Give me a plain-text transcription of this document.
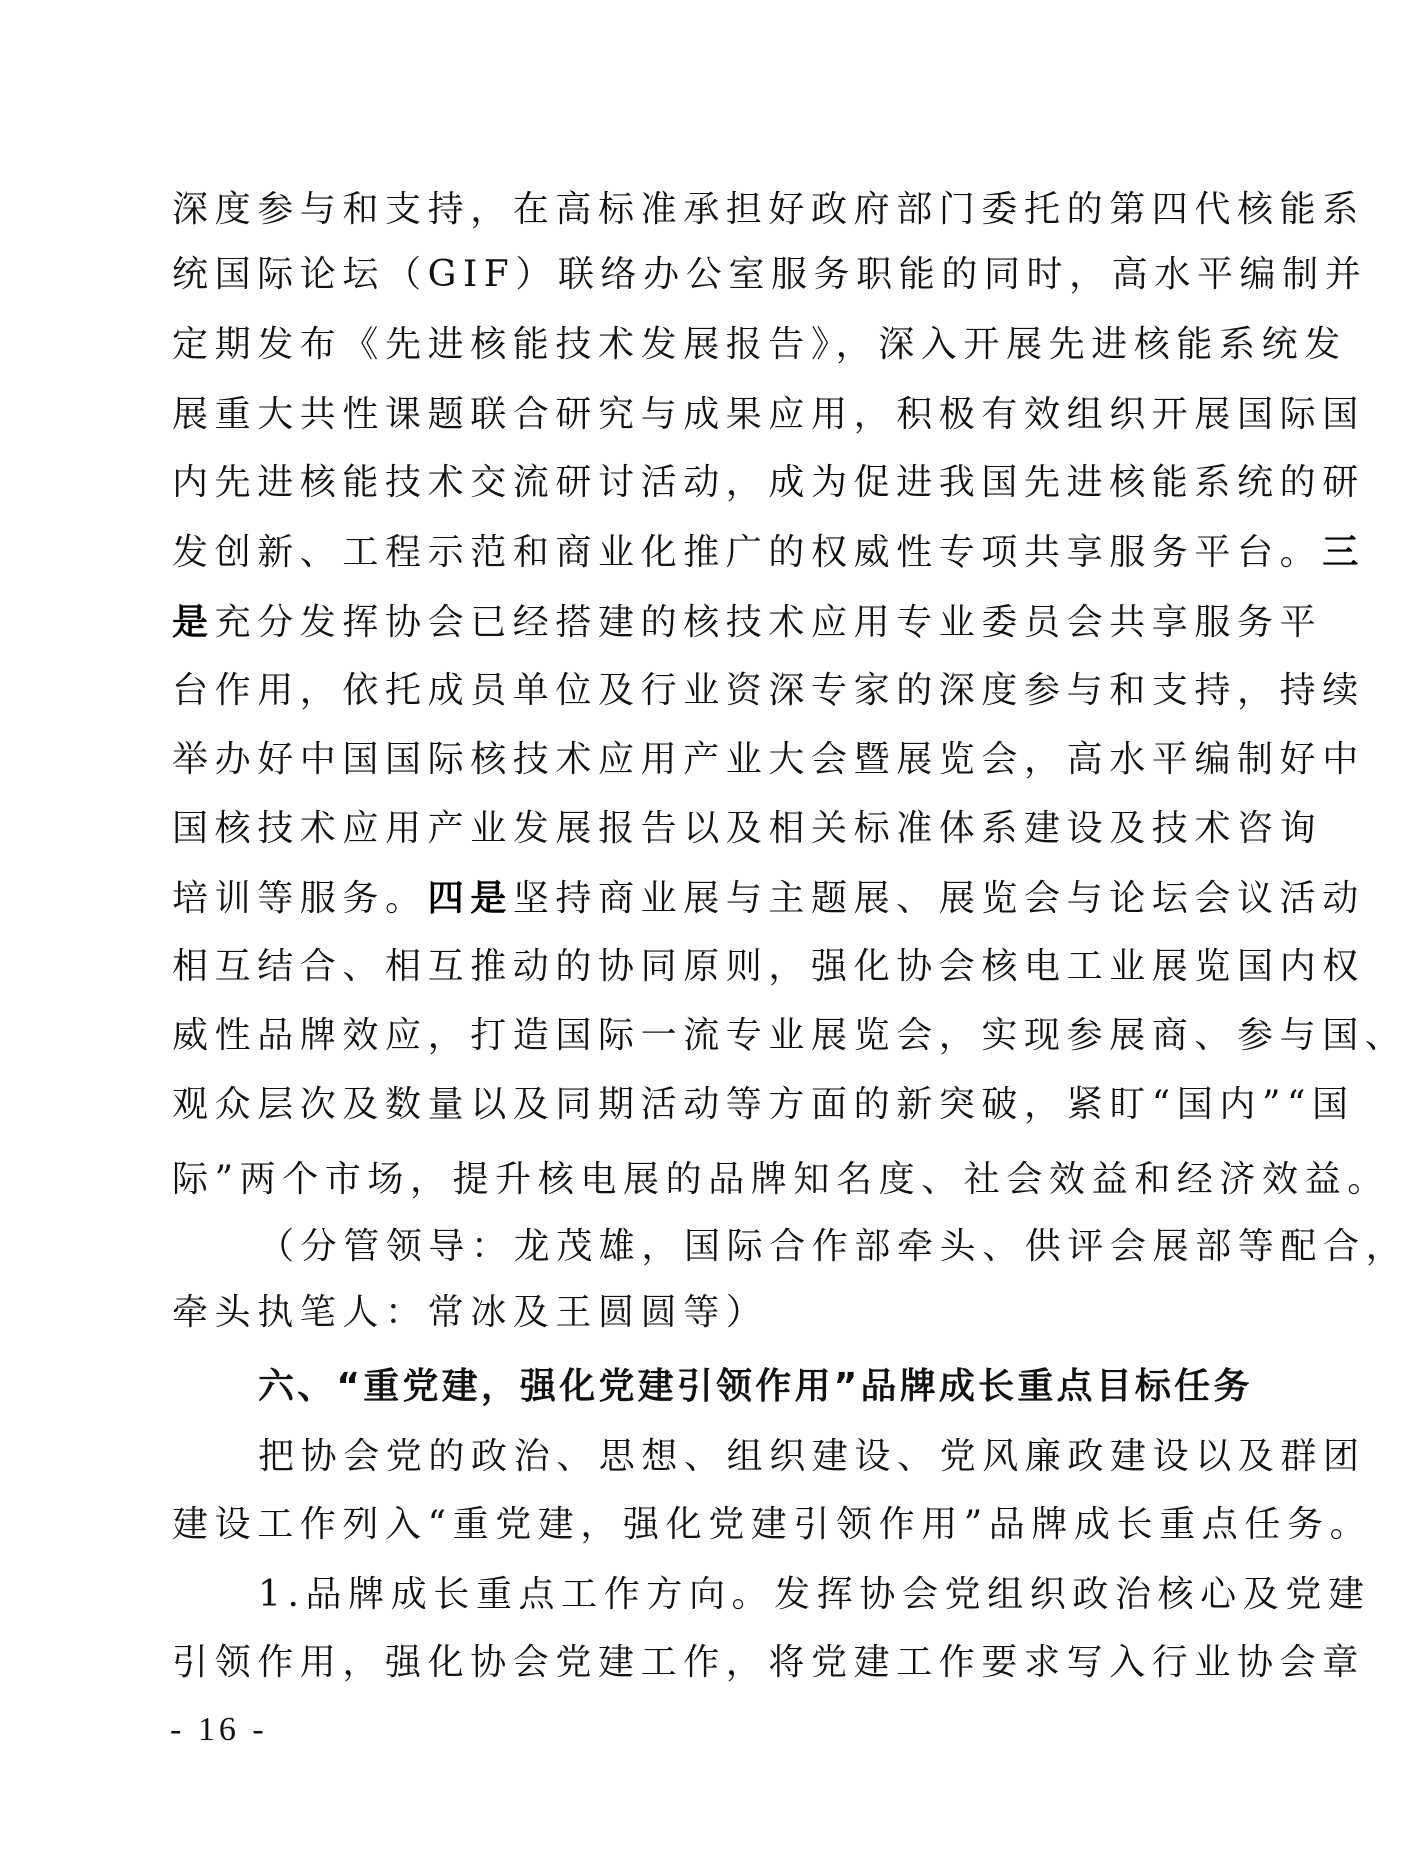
深度参与和支持，在高标准承担好政府部门委托的第四代核能系
统国际论坛（GIF）联络办公室服务职能的同时，高水平编制并
定期发布《先进核能技术发展报告》，深入开展先进核能系统发
展重大共性课题联合研究与成果应用，积极有效组织开展国际国
内先进核能技术交流研讨活动，成为促进我国先进核能系统的研
发创新、工程示范和商业化推广的权威性专项共享服务平台。三
是充分发挥协会已经搭建的核技术应用专业委员会共享服务平
台作用，依托成员单位及行业资深专家的深度参与和支持，持续
举办好中国国际核技术应用产业大会暨展览会，高水平编制好中
国核技术应用产业发展报告以及相关标准体系建设及技术咨询
培训等服务。四是坚持商业展与主题展、展览会与论坛会议活动
相互结合、相互推动的协同原则，强化协会核电工业展览国内权
威性品牌效应，打造国际一流专业展览会，实现参展商、参与国、
观众层次及数量以及同期活动等方面的新突破，紧盯“国内”“国
际”两个市场，提升核电展的品牌知名度、社会效益和经济效益。
（分管领导：龙茂雄，国际合作部牵头、供评会展部等配合，
牵头执笔人：常冰及王圆圆等）
六、“重党建，强化党建引领作用”品牌成长重点目标任务
把协会党的政治、思想、组织建设、党风廉政建设以及群团
建设工作列入“重党建，强化党建引领作用”品牌成长重点任务。
1.品牌成长重点工作方向。发挥协会党组织政治核心及党建
引领作用，强化协会党建工作，将党建工作要求写入行业协会章
- 16 -
